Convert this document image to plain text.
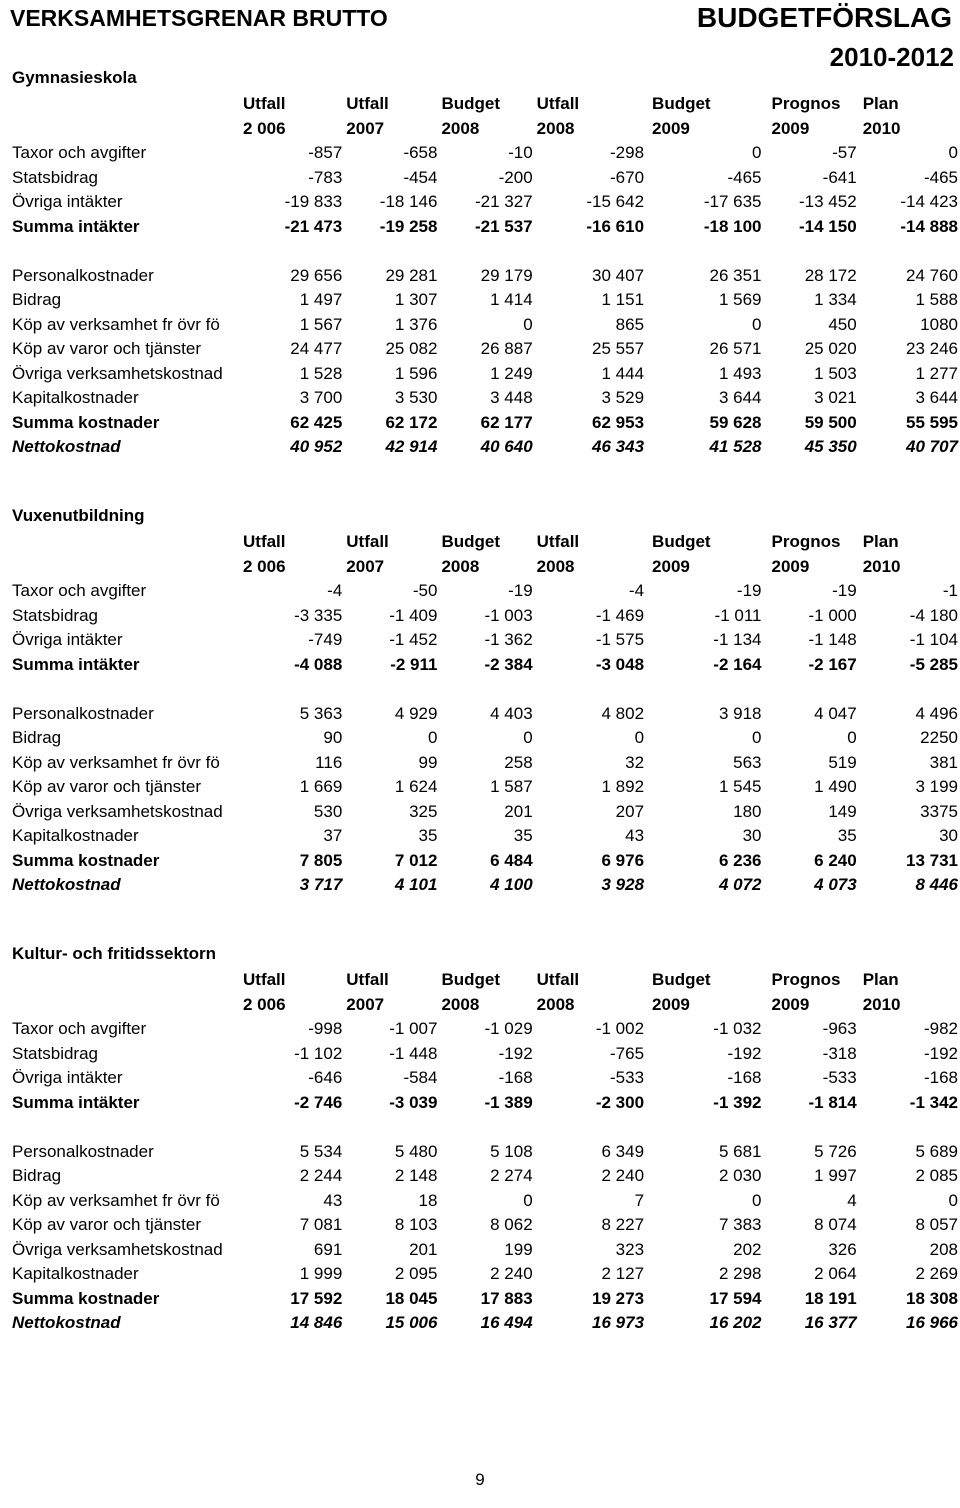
VERKSAMHETSGRENAR BRUTTO	BUDGETFÖRSLAG
2010-2012
Gymnasieskola
	Utfall	Utfall	Budget	Utfall	Budget	Prognos	Plan
	2 006	2007	2008	2008	2009	2009	2010
Taxor och avgifter	-857	-658	-10	-298	0	-57	0
Statsbidrag	-783	-454	-200	-670	-465	-641	-465
Övriga intäkter	-19 833	-18 146	-21 327	-15 642	-17 635	-13 452	-14 423
Summa intäkter	-21 473	-19 258	-21 537	-16 610	-18 100	-14 150	-14 888

Personalkostnader	29 656	29 281	29 179	30 407	26 351	28 172	24 760
Bidrag	1 497	1 307	1 414	1 151	1 569	1 334	1 588
Köp av verksamhet fr övr fö	1 567	1 376	0	865	0	450	1080
Köp av varor och tjänster	24 477	25 082	26 887	25 557	26 571	25 020	23 246
Övriga verksamhetskostnad	1 528	1 596	1 249	1 444	1 493	1 503	1 277
Kapitalkostnader	3 700	3 530	3 448	3 529	3 644	3 021	3 644
Summa kostnader	62 425	62 172	62 177	62 953	59 628	59 500	55 595
Nettokostnad	40 952	42 914	40 640	46 343	41 528	45 350	40 707
Vuxenutbildning
	Utfall	Utfall	Budget	Utfall	Budget	Prognos	Plan
	2 006	2007	2008	2008	2009	2009	2010
Taxor och avgifter	-4	-50	-19	-4	-19	-19	-1
Statsbidrag	-3 335	-1 409	-1 003	-1 469	-1 011	-1 000	-4 180
Övriga intäkter	-749	-1 452	-1 362	-1 575	-1 134	-1 148	-1 104
Summa intäkter	-4 088	-2 911	-2 384	-3 048	-2 164	-2 167	-5 285

Personalkostnader	5 363	4 929	4 403	4 802	3 918	4 047	4 496
Bidrag	90	0	0	0	0	0	2250
Köp av verksamhet fr övr fö	116	99	258	32	563	519	381
Köp av varor och tjänster	1 669	1 624	1 587	1 892	1 545	1 490	3 199
Övriga verksamhetskostnad	530	325	201	207	180	149	3375
Kapitalkostnader	37	35	35	43	30	35	30
Summa kostnader	7 805	7 012	6 484	6 976	6 236	6 240	13 731
Nettokostnad	3 717	4 101	4 100	3 928	4 072	4 073	8 446
Kultur- och fritidssektorn
	Utfall	Utfall	Budget	Utfall	Budget	Prognos	Plan
	2 006	2007	2008	2008	2009	2009	2010
Taxor och avgifter	-998	-1 007	-1 029	-1 002	-1 032	-963	-982
Statsbidrag	-1 102	-1 448	-192	-765	-192	-318	-192
Övriga intäkter	-646	-584	-168	-533	-168	-533	-168
Summa intäkter	-2 746	-3 039	-1 389	-2 300	-1 392	-1 814	-1 342

Personalkostnader	5 534	5 480	5 108	6 349	5 681	5 726	5 689
Bidrag	2 244	2 148	2 274	2 240	2 030	1 997	2 085
Köp av verksamhet fr övr fö	43	18	0	7	0	4	0
Köp av varor och tjänster	7 081	8 103	8 062	8 227	7 383	8 074	8 057
Övriga verksamhetskostnad	691	201	199	323	202	326	208
Kapitalkostnader	1 999	2 095	2 240	2 127	2 298	2 064	2 269
Summa kostnader	17 592	18 045	17 883	19 273	17 594	18 191	18 308
Nettokostnad	14 846	15 006	16 494	16 973	16 202	16 377	16 966
9
